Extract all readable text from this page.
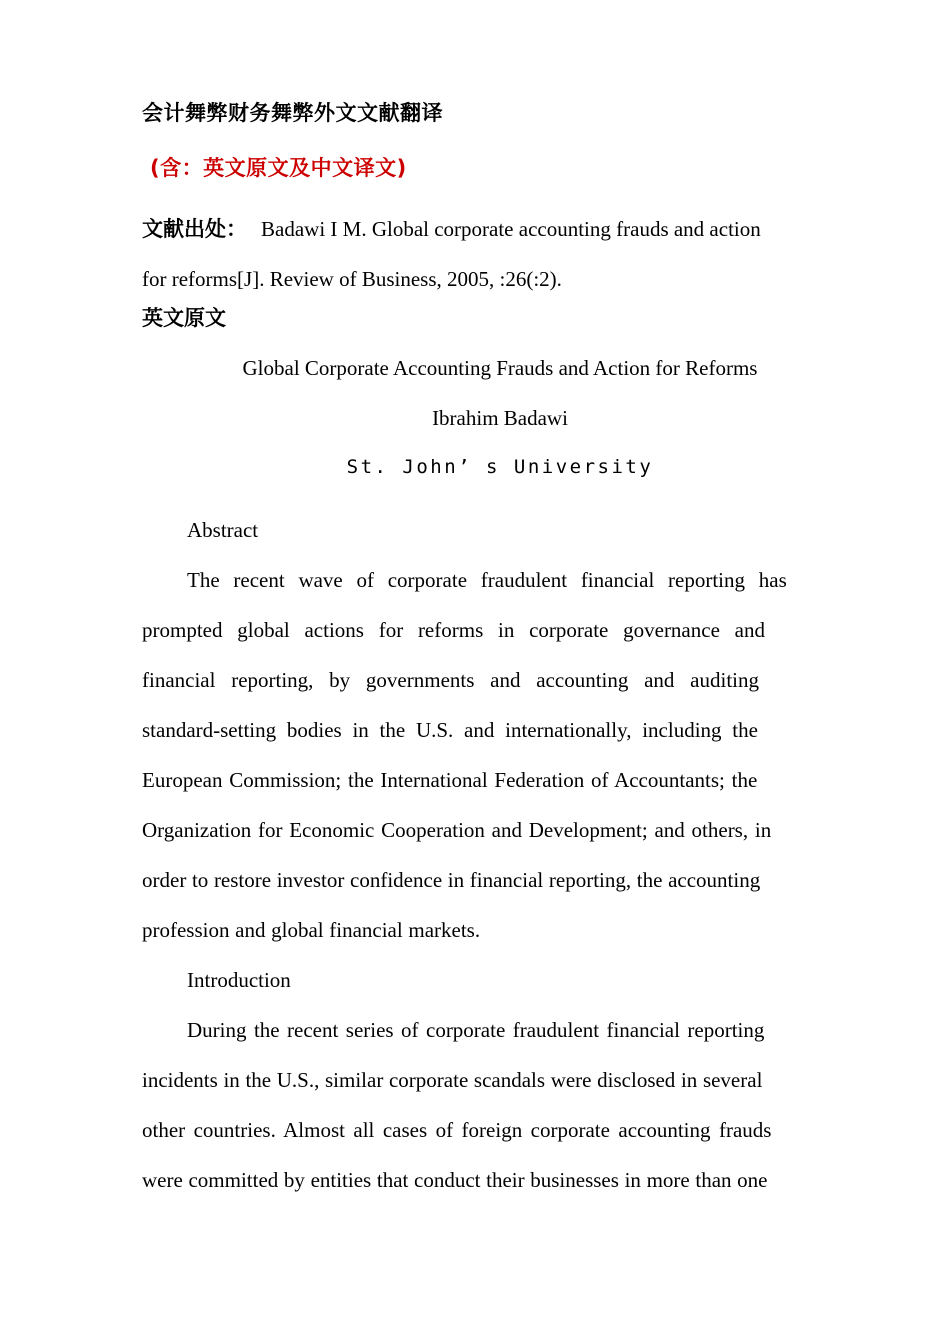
会计舞弊财务舞弊外文文献翻译
(含：英文原文及中文译文)
文献出处： Badawi I M. Global corporate accounting frauds and action
for reforms[J]. Review of Business, 2005, :26(:2).
英文原文
Global Corporate Accounting Frauds and Action for Reforms
Ibrahim Badawi
St. John’ s University
Abstract
The recent wave of corporate fraudulent financial reporting has
prompted global actions for reforms in corporate governance and
financial reporting, by governments and accounting and auditing
standard-setting bodies in the U.S. and internationally, including the
European Commission; the International Federation of Accountants; the
Organization for Economic Cooperation and Development; and others, in
order to restore investor confidence in financial reporting, the accounting
profession and global financial markets.
Introduction
During the recent series of corporate fraudulent financial reporting
incidents in the U.S., similar corporate scandals were disclosed in several
other countries. Almost all cases of foreign corporate accounting frauds
were committed by entities that conduct their businesses in more than one
